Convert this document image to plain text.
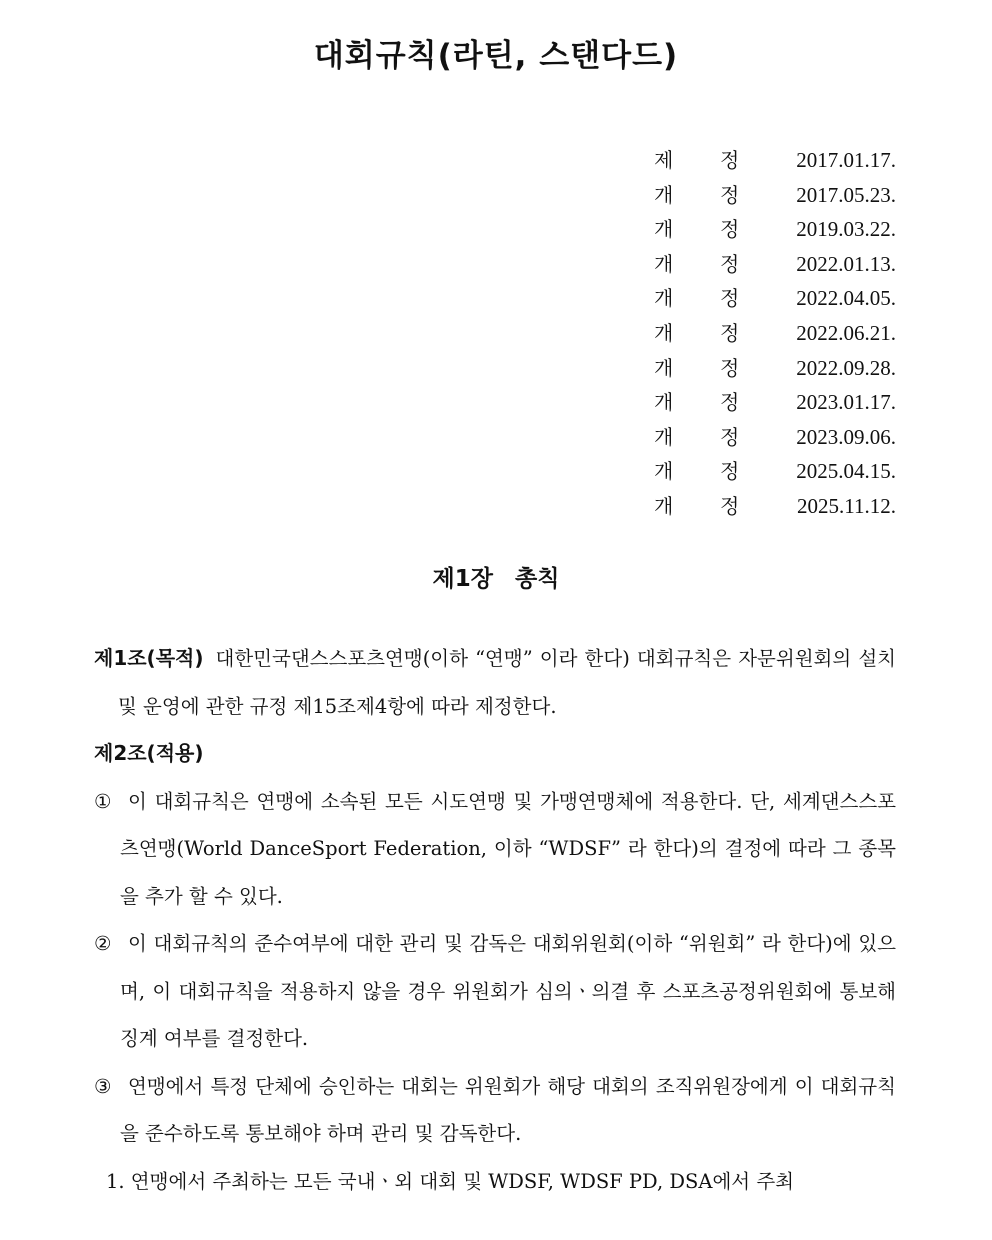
대회규칙(라틴, 스탠다드)
제 정	2017.01.17.
개 정	2017.05.23.
개 정	2019.03.22.
개 정	2022.01.13.
개 정	2022.04.05.
개 정	2022.06.21.
개 정	2022.09.28.
개 정	2023.01.17.
개 정	2023.09.06.
개 정	2025.04.15.
개 정	2025.11.12.
제1장 총칙

제1조(목적) 대한민국댄스스포츠연맹(이하 “연맹” 이라 한다) 대회규칙은 자문위원회의 설치 및 운영에 관한 규정 제15조제4항에 따라 제정한다.

제2조(적용)

① 이 대회규칙은 연맹에 소속된 모든 시도연맹 및 가맹연맹체에 적용한다. 단, 세계댄스스포츠연맹(World DanceSport Federation, 이하 “WDSF” 라 한다)의 결정에 따라 그 종목을 추가 할 수 있다.

② 이 대회규칙의 준수여부에 대한 관리 및 감독은 대회위원회(이하 “위원회” 라 한다)에 있으며, 이 대회규칙을 적용하지 않을 경우 위원회가 심의ㆍ의결 후 스포츠공정위원회에 통보해 징계 여부를 결정한다.

③ 연맹에서 특정 단체에 승인하는 대회는 위원회가 해당 대회의 조직위원장에게 이 대회규칙을 준수하도록 통보해야 하며 관리 및 감독한다.

1. 연맹에서 주최하는 모든 국내ㆍ외 대회 및 WDSF, WDSF PD, DSA에서 주최
